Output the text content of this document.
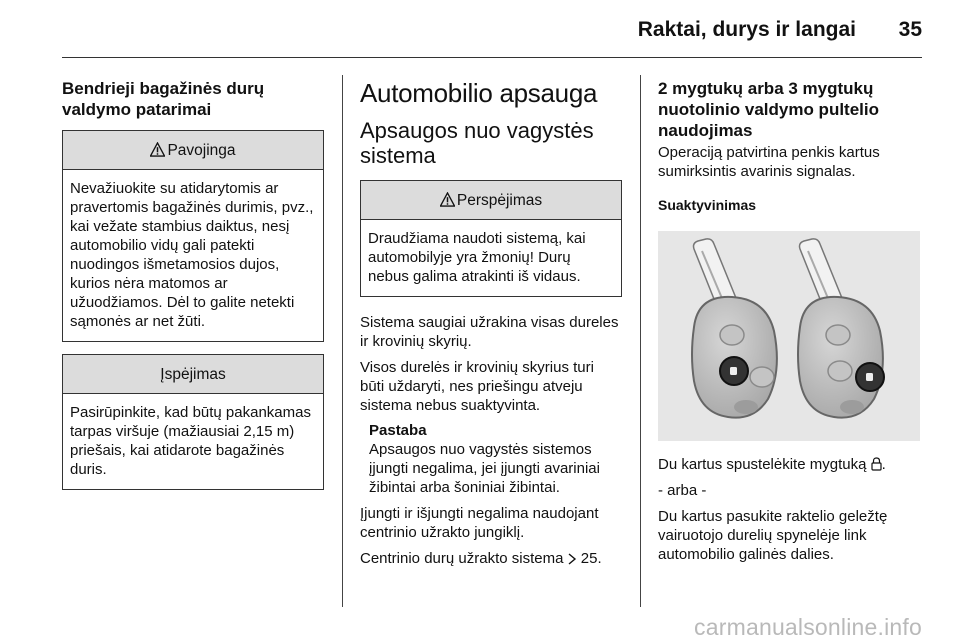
Raktai, durys ir langai 35
Bendrieji bagažinės durų valdymo patarimai
Pavojinga
Nevažiuokite su atidarytomis ar pravertomis bagažinės durimis, pvz., kai vežate stambius daiktus, nesį automobilio vidų gali patekti nuodingos išmetamosios dujos, kurios nėra matomos ar užuodžiamos. Dėl to galite netekti sąmonės ar net žūti.
Įspėjimas
Pasirūpinkite, kad būtų pakankamas tarpas viršuje (mažiausiai 2,15 m) priešais, kai atidarote bagažinės duris.
Automobilio apsauga
Apsaugos nuo vagystės sistema
Perspėjimas
Draudžiama naudoti sistemą, kai automobilyje yra žmonių! Durų nebus galima atrakinti iš vidaus.

Sistema saugiai užrakina visas dureles ir krovinių skyrių.

Visos durelės ir krovinių skyrius turi būti uždaryti, nes priešingu atveju sistema nebus suaktyvinta.

Pastaba
Apsaugos nuo vagystės sistemos įjungti negalima, jei įjungti avariniai žibintai arba šoniniai žibintai.

Įjungti ir išjungti negalima naudojant centrinio užrakto jungiklį.

Centrinio durų užrakto sistema 25.

2 mygtukų arba 3 mygtukų nuotolinio valdymo pultelio naudojimas

Operaciją patvirtina penkis kartus sumirksintis avarinis signalas.

Suaktyvinimas

Du kartus spustelėkite mygtuką .

- arba -

Du kartus pasukite raktelio geležtę vairuotojo durelių spynelėje link automobilio galinės dalies.

carmanualsonline.info
